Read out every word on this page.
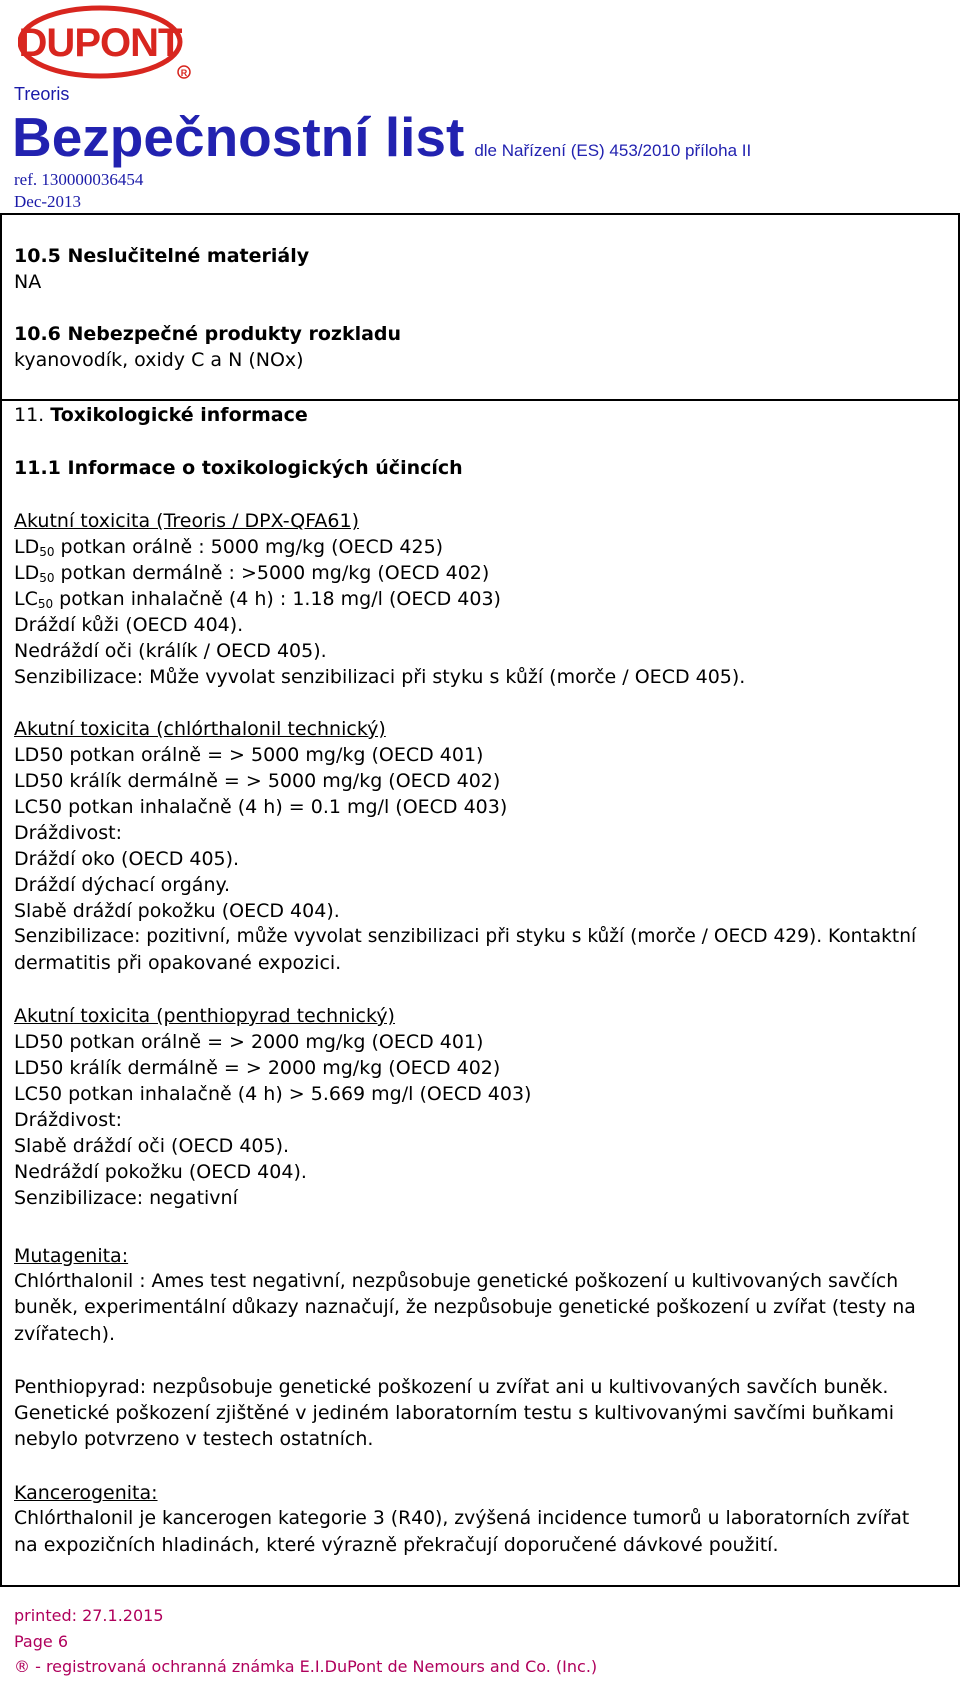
DUPONT
R
Treoris
Bezpečnostní list dle Nařízení (ES) 453/2010 příloha II
ref. 130000036454
Dec-2013
10.5 Neslučitelné materiály
NA
10.6 Nebezpečné produkty rozkladu
kyanovodík, oxidy C a N (NOx)
11. Toxikologické informace
11.1 Informace o toxikologických účincích
Akutní toxicita (Treoris / DPX-QFA61)
$LD_{50}$ potkan orálně : 5000 mg/kg (OECD 425)
$LD_{50}$ potkan dermálně : >5000 mg/kg (OECD 402)
$LC_{50}$ potkan inhalačně (4 h) : 1.18 mg/l (OECD 403)
Dráždí kůži (OECD 404).
Nedráždí oči (králík / OECD 405).
Senzibilizace: Může vyvolat senzibilizaci při styku s kůží (morče / OECD 405).
Akutní toxicita (chlórthalonil technický)
LD50 potkan orálně = > 5000 mg/kg (OECD 401)
LD50 králík dermálně = > 5000 mg/kg (OECD 402)
LC50 potkan inhalačně (4 h) = 0.1 mg/l (OECD 403)
Dráždivost:
Dráždí oko (OECD 405).
Dráždí dýchací orgány.
Slabě dráždí pokožku (OECD 404).
Senzibilizace: pozitivní, může vyvolat senzibilizaci při styku s kůží (morče / OECD 429). Kontaktní
dermatitis při opakované expozici.
Akutní toxicita (penthiopyrad technický)
LD50 potkan orálně = > 2000 mg/kg (OECD 401)
LD50 králík dermálně = > 2000 mg/kg (OECD 402)
LC50 potkan inhalačně (4 h) > 5.669 mg/l (OECD 403)
Dráždivost:
Slabě dráždí oči (OECD 405).
Nedráždí pokožku (OECD 404).
Senzibilizace: negativní
Mutagenita:
Chlórthalonil : Ames test negativní, nezpůsobuje genetické poškození u kultivovaných savčích
buněk, experimentální důkazy naznačují, že nezpůsobuje genetické poškození u zvířat (testy na
zvířatech).
Penthiopyrad: nezpůsobuje genetické poškození u zvířat ani u kultivovaných savčích buněk.
Genetické poškození zjištěné v jediném laboratorním testu s kultivovanými savčími buňkami
nebylo potvrzeno v testech ostatních.
Kancerogenita:
Chlórthalonil je kancerogen kategorie 3 (R40), zvýšená incidence tumorů u laboratorních zvířat
na expozičních hladinách, které výrazně překračují doporučené dávkové použití.
printed: 27.1.2015
Page 6
® - registrovaná ochranná známka E.I.DuPont de Nemours and Co. (Inc.)
